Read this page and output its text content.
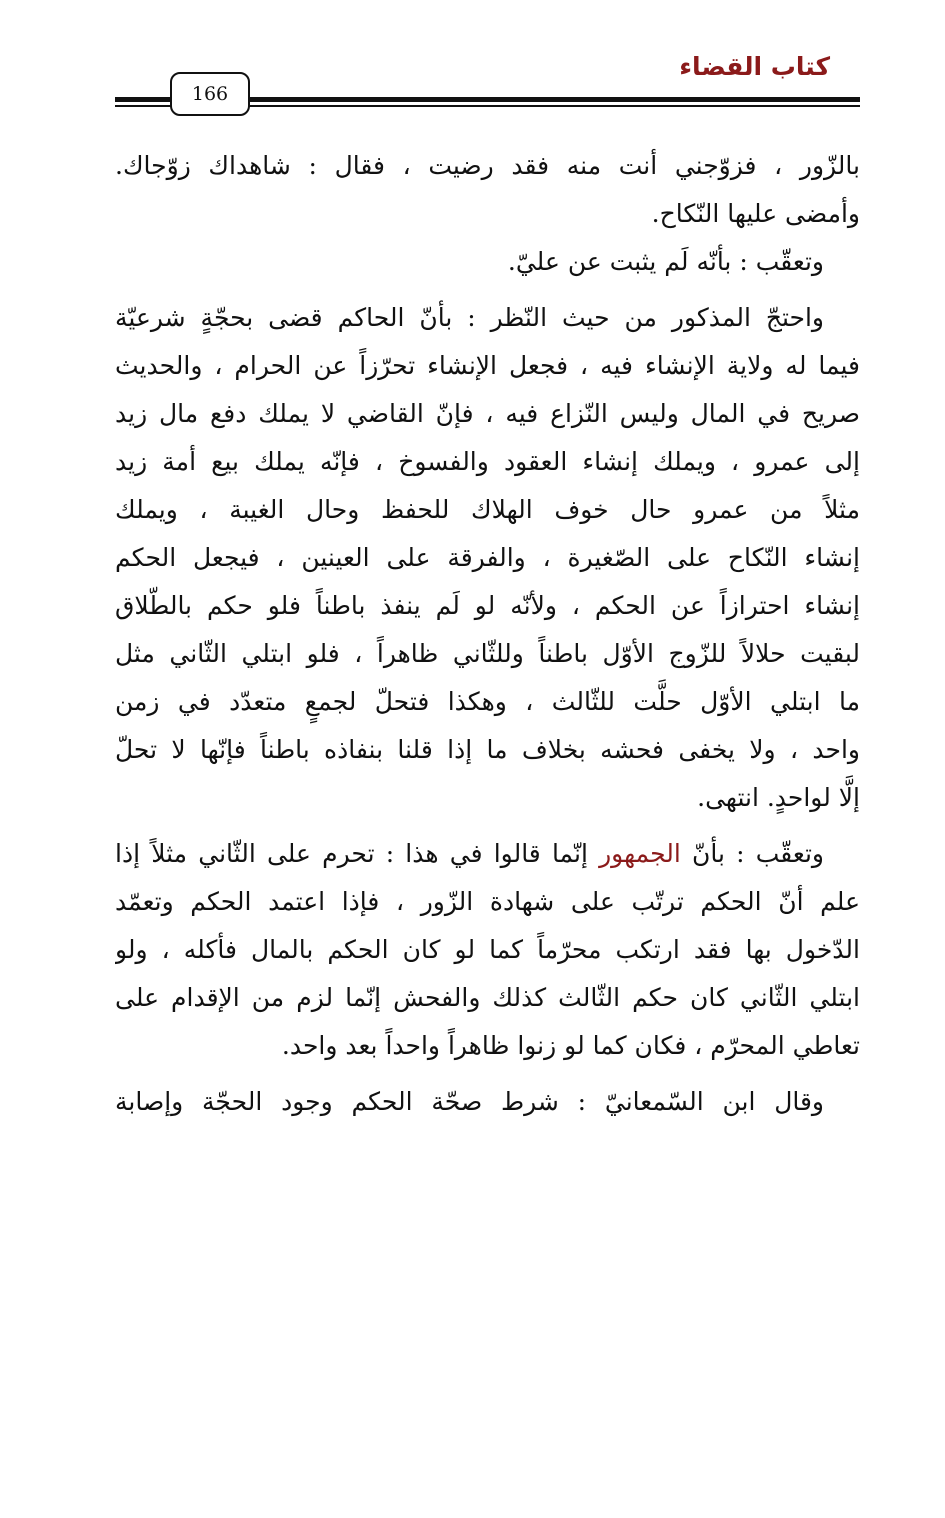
كتاب القضاء
166
بالزّور ، فزوّجني أنت منه فقد رضيت ، فقال : شاهداك زوّجاك.
وأمضى عليها النّكاح.
وتعقّب : بأنّه لَم يثبت عن عليّ.
واحتجّ المذكور من حيث النّظر : بأنّ الحاكم قضى بحجّةٍ شرعيّة
فيما له ولاية الإنشاء فيه ، فجعل الإنشاء تحرّزاً عن الحرام ، والحديث
صريح في المال وليس النّزاع فيه ، فإنّ القاضي لا يملك دفع مال زيد
إلى عمرو ، ويملك إنشاء العقود والفسوخ ، فإنّه يملك بيع أمة زيد
مثلاً من عمرو حال خوف الهلاك للحفظ وحال الغيبة ، ويملك
إنشاء النّكاح على الصّغيرة ، والفرقة على العينين ، فيجعل الحكم
إنشاء احترازاً عن الحكم ، ولأنّه لو لَم ينفذ باطناً فلو حكم بالطّلاق
لبقيت حلالاً للزّوج الأوّل باطناً وللثّاني ظاهراً ، فلو ابتلي الثّاني مثل
ما ابتلي الأوّل حلَّت للثّالث ، وهكذا فتحلّ لجمعٍ متعدّد في زمن
واحد ، ولا يخفى فحشه بخلاف ما إذا قلنا بنفاذه باطناً فإنّها لا تحلّ
إلَّا لواحدٍ. انتهى.
وتعقّب : بأنّ الجمهور إنّما قالوا في هذا : تحرم على الثّاني مثلاً إذا
علم أنّ الحكم ترتّب على شهادة الزّور ، فإذا اعتمد الحكم وتعمّد
الدّخول بها فقد ارتكب محرّماً كما لو كان الحكم بالمال فأكله ، ولو
ابتلي الثّاني كان حكم الثّالث كذلك والفحش إنّما لزم من الإقدام على
تعاطي المحرّم ، فكان كما لو زنوا ظاهراً واحداً بعد واحد.
وقال ابن السّمعانيّ : شرط صحّة الحكم وجود الحجّة وإصابة
